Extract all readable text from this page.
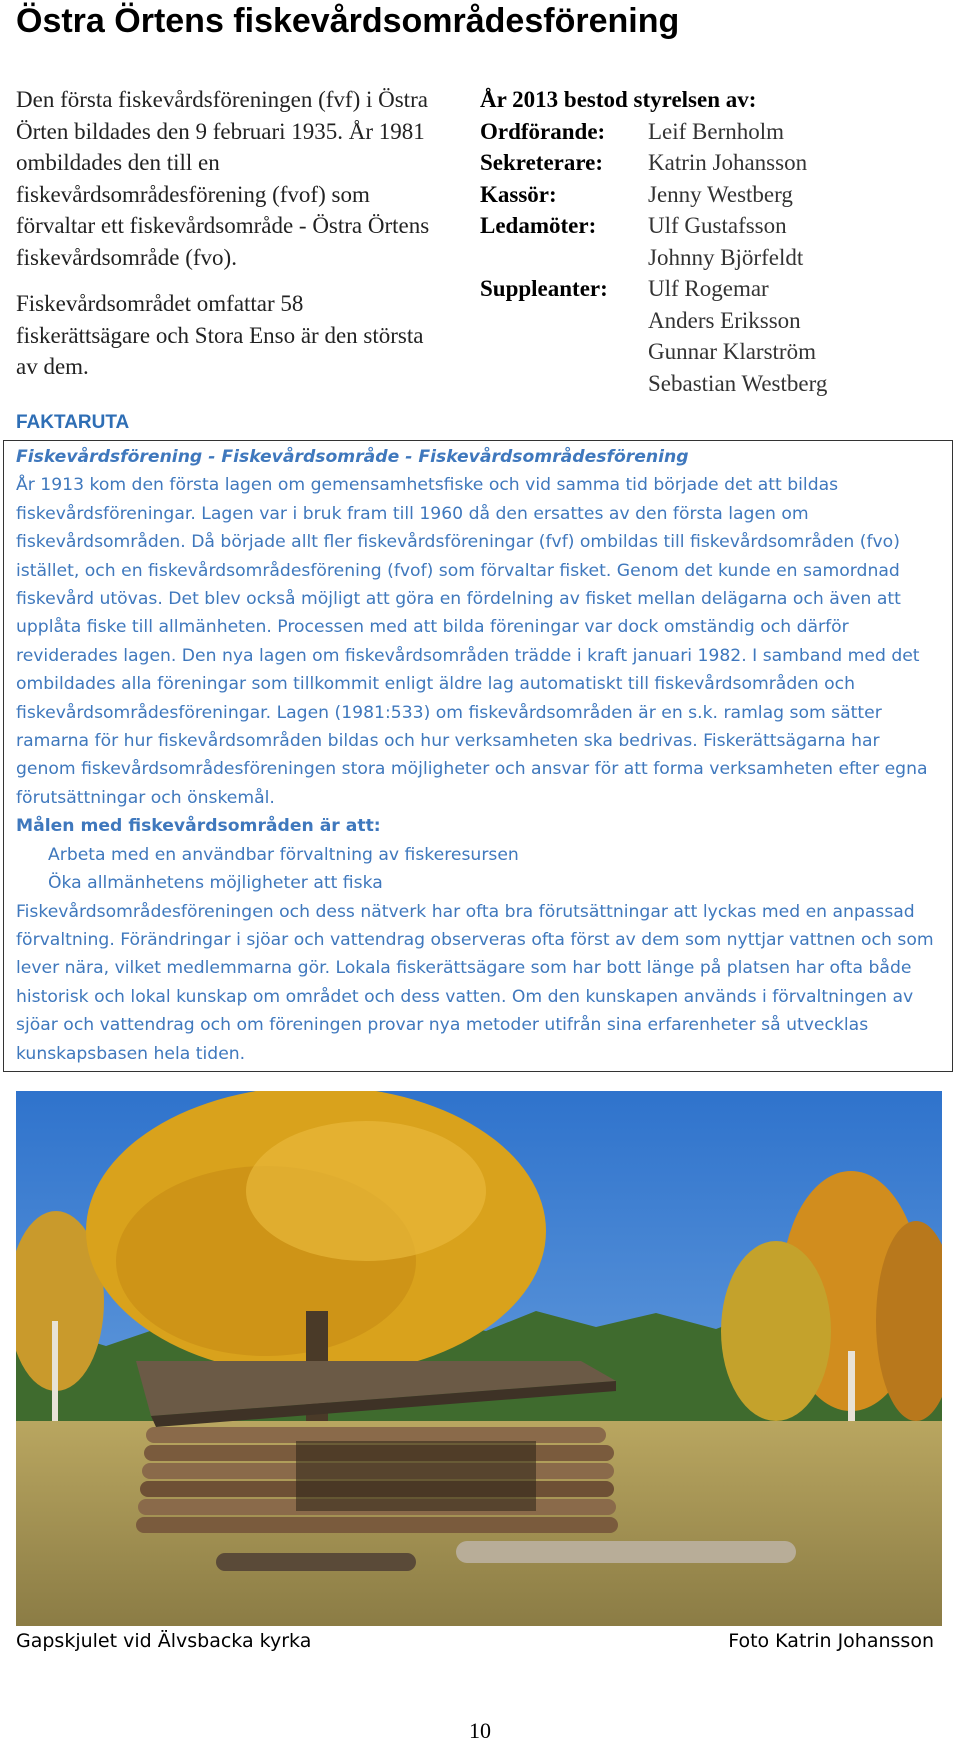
Östra Örtens fiskevårdsområdesförening

Den första fiskevårdsföreningen (fvf) i Östra Örten bildades den 9 februari 1935. År 1981 ombildades den till en fiskevårdsområdesförening (fvof) som förvaltar ett fiskevårdsområde - Östra Örtens fiskevårdsområde (fvo).

Fiskevårdsområdet omfattar 58 fiskerättsägare och Stora Enso är den största av dem.

År 2013 bestod styrelsen av:
Ordförande:	Leif Bernholm
Sekreterare:	Katrin Johansson
Kassör:	Jenny Westberg
Ledamöter:	Ulf Gustafsson
Johnny Björfeldt
Suppleanter:	Ulf Rogemar
Anders Eriksson
Gunnar Klarström
Sebastian Westberg
FAKTARUTA
Fiskevårdsförening - Fiskevårdsområde - Fiskevårdsområdesförening

År 1913 kom den första lagen om gemensamhetsfiske och vid samma tid började det att bildas fiskevårdsföreningar. Lagen var i bruk fram till 1960 då den ersattes av den första lagen om fiskevårdsområden. Då började allt fler fiskevårdsföreningar (fvf) ombildas till fiskevårdsområden (fvo) istället, och en fiskevårdsområdesförening (fvof) som förvaltar fisket. Genom det kunde en samordnad fiskevård utövas. Det blev också möjligt att göra en fördelning av fisket mellan delägarna och även att upplåta fiske till allmänheten. Processen med att bilda föreningar var dock omständig och därför reviderades lagen. Den nya lagen om fiskevårdsområden trädde i kraft januari 1982. I samband med det ombildades alla föreningar som tillkommit enligt äldre lag automatiskt till fiskevårdsområden och fiskevårdsområdesföreningar. Lagen (1981:533) om fiskevårdsområden är en s.k. ramlag som sätter ramarna för hur fiskevårdsområden bildas och hur verksamheten ska bedrivas. Fiskerättsägarna har genom fiskevårdsområdesföreningen stora möjligheter och ansvar för att forma verksamheten efter egna förutsättningar och önskemål.

Målen med fiskevårdsområden är att:
Arbeta med en användbar förvaltning av fiskeresursen
Öka allmänhetens möjligheter att fiska

Fiskevårdsområdesföreningen och dess nätverk har ofta bra förutsättningar att lyckas med en anpassad förvaltning. Förändringar i sjöar och vattendrag observeras ofta först av dem som nyttjar vattnen och som lever nära, vilket medlemmarna gör. Lokala fiskerättsägare som har bott länge på platsen har ofta både historisk och lokal kunskap om området och dess vatten. Om den kunskapen används i förvaltningen av sjöar och vattendrag och om föreningen provar nya metoder utifrån sina erfarenheter så utvecklas kunskapsbasen hela tiden.

Gapskjulet vid Älvsbacka kyrka	Foto Katrin Johansson
10
